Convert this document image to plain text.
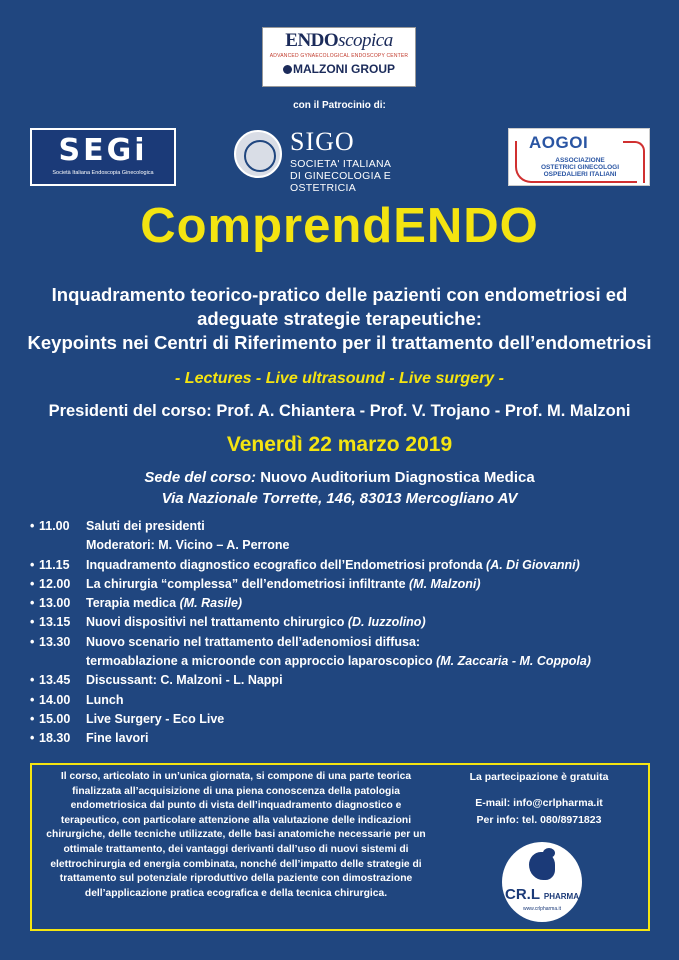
ENDOscopica
ADVANCED GYNAECOLOGICAL ENDOSCOPY CENTER
MALZONI GROUP
con il Patrocinio di:
SEGi
Società Italiana Endoscopia Ginecologica
SIGO
SOCIETA' ITALIANA
DI GINECOLOGIA E OSTETRICIA
AOGOI
ASSOCIAZIONE
OSTETRICI GINECOLOGI
OSPEDALIERI ITALIANI
ComprendENDO
Inquadramento teorico-pratico delle pazienti con endometriosi ed
adeguate strategie terapeutiche:
Keypoints nei Centri di Riferimento per il trattamento dell’endometriosi
- Lectures - Live ultrasound - Live surgery -
Presidenti del corso: Prof. A. Chiantera - Prof. V. Trojano - Prof. M. Malzoni
Venerdì 22 marzo 2019
Sede del corso: Nuovo Auditorium Diagnostica Medica
Via Nazionale Torrette, 146, 83013 Mercogliano AV
• 11.00 Saluti dei presidenti
Moderatori: M. Vicino – A. Perrone
• 11.15 Inquadramento diagnostico ecografico dell’Endometriosi profonda (A. Di Giovanni)
• 12.00 La chirurgia “complessa” dell’endometriosi infiltrante (M. Malzoni)
• 13.00 Terapia medica (M. Rasile)
• 13.15 Nuovi dispositivi nel trattamento chirurgico (D. Iuzzolino)
• 13.30 Nuovo scenario nel trattamento dell’adenomiosi diffusa:
termoablazione a microonde con approccio laparoscopico (M. Zaccaria - M. Coppola)
• 13.45 Discussant: C. Malzoni - L. Nappi
• 14.00 Lunch
• 15.00 Live Surgery - Eco Live
• 18.30 Fine lavori
Il corso, articolato in un’unica giornata, si compone di una parte teorica finalizzata all’acquisizione di una piena conoscenza della patologia endometriosica dal punto di vista dell’inquadramento diagnostico e terapeutico, con particolare attenzione alla valutazione delle indicazioni chirurgiche, delle tecniche utilizzate, delle basi anatomiche necessarie per un ottimale trattamento, dei vantaggi derivanti dall’uso di nuovi sistemi di elettrochirurgia ed energia combinata, nonché dell’impatto delle strategie di trattamento sul potenziale riproduttivo della paziente con dimostrazione dell’applicazione pratica ecografica e della tecnica chirurgica.
La partecipazione è gratuita
E-mail: info@crlpharma.it
Per info: tel. 080/8971823
CR.L PHARMA
www.crlpharma.it
